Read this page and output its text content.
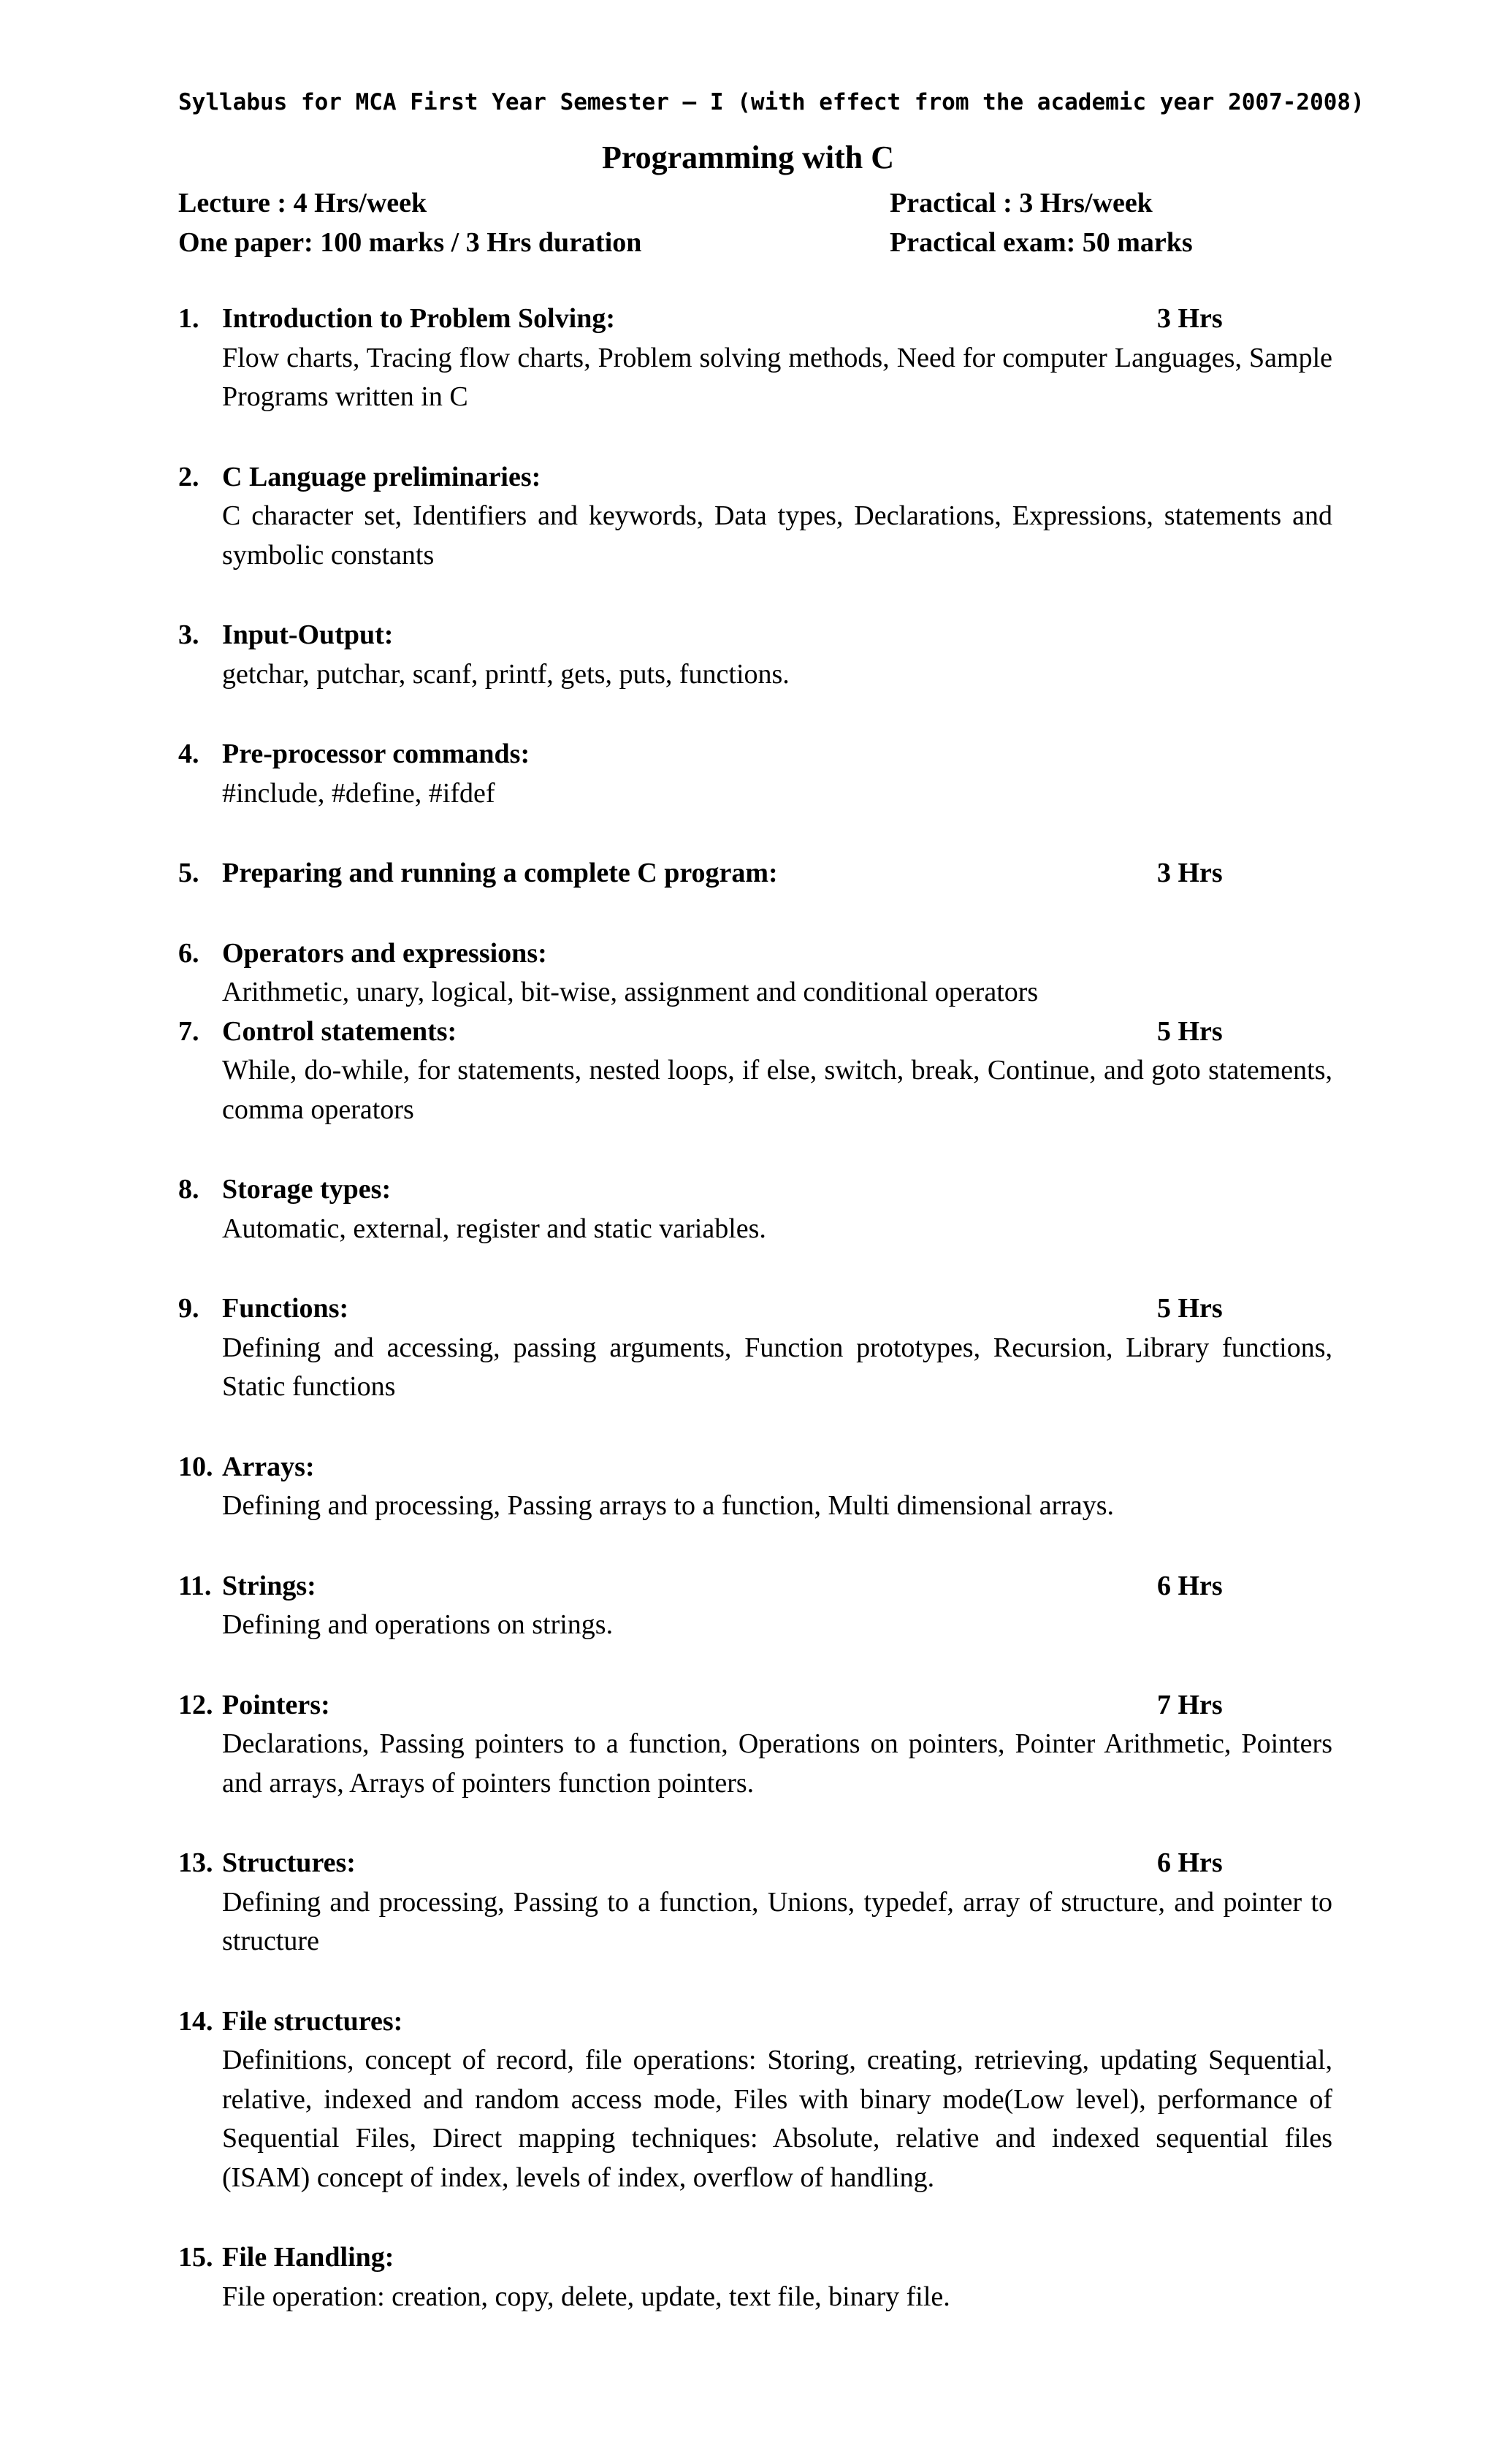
Syllabus for MCA First Year Semester – I (with effect from the academic year 2007-2008)
Programming with C
Lecture : 4 Hrs/week	Practical : 3 Hrs/week
One paper: 100 marks / 3 Hrs duration	Practical exam: 50 marks
1. Introduction to Problem Solving:	3 Hrs
Flow charts, Tracing flow charts, Problem solving methods, Need for computer Languages, Sample Programs written in C
2. C Language preliminaries:
C character set, Identifiers and keywords, Data types, Declarations, Expressions, statements and symbolic constants
3. Input-Output:
getchar, putchar, scanf, printf, gets, puts, functions.
4. Pre-processor commands:
#include, #define, #ifdef
5. Preparing and running a complete C program:	3 Hrs
6. Operators and expressions:
Arithmetic, unary, logical, bit-wise, assignment and conditional operators
7. Control statements:	5 Hrs
While, do-while, for statements, nested loops, if else, switch, break, Continue, and goto statements, comma operators
8. Storage types:
Automatic, external, register and static variables.
9. Functions:	5 Hrs
Defining and accessing, passing arguments, Function prototypes, Recursion, Library functions, Static functions
10. Arrays:
Defining and processing, Passing arrays to a function, Multi dimensional arrays.
11. Strings:	6 Hrs
Defining and operations on strings.
12. Pointers:	7 Hrs
Declarations, Passing pointers to a function, Operations on pointers, Pointer Arithmetic, Pointers and arrays, Arrays of pointers function pointers.
13. Structures:	6 Hrs
Defining and processing, Passing to a function, Unions, typedef, array of structure, and pointer to structure
14. File structures:
Definitions, concept of record, file operations: Storing, creating, retrieving, updating Sequential, relative, indexed and random access mode, Files with binary mode(Low level), performance of Sequential Files, Direct mapping techniques: Absolute, relative and indexed sequential files (ISAM) concept of index, levels of index, overflow of handling.
15. File Handling:
File operation: creation, copy, delete, update, text file, binary file.
